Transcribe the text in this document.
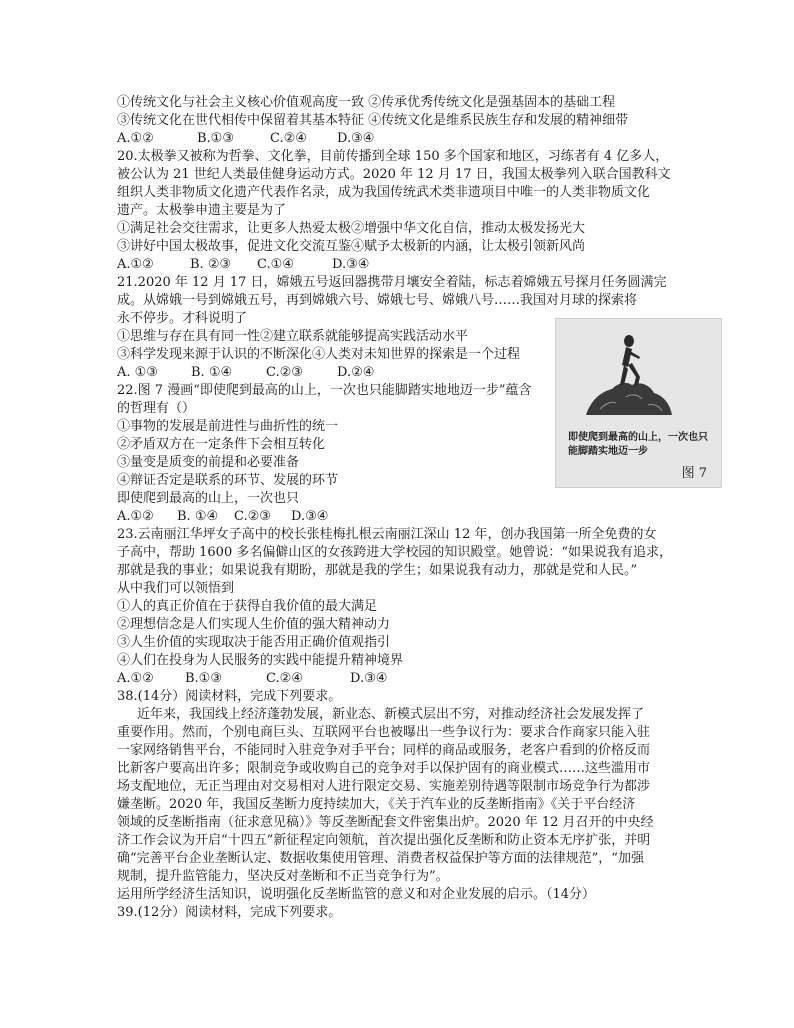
①传统文化与社会主义核心价值观高度一致 ②传承优秀传统文化是强基固本的基础工程
③传统文化在世代相传中保留着其基本特征 ④传统文化是维系民族生存和发展的精神细带
A.①②	B.①③	C.②④ D.③④
20.太极拳又被称为哲拳、文化拳，目前传播到全球 150 多个国家和地区，习练者有 4 亿多人，
被公认为 21 世纪人类最佳健身运动方式。2020 年 12 月 17 日，我国太极拳列入联合国教科文
组织人类非物质文化遗产代表作名录，成为我国传统武术类非遗项目中唯一的人类非物质文化
遗产。太极拳申遗主要是为了
①满足社会交往需求，让更多人热爱太极②增强中华文化自信，推动太极发扬光大
③讲好中国太极故事，促进文化交流互鉴④赋予太极新的内涵，让太极引领新风尚
A.①②	B. ②③ C.①④	D.③④
21.2020 年 12 月 17 日，嫦娥五号返回器携带月壤安全着陆，标志着嫦娥五号探月任务圆满完
成。从嫦娥一号到嫦娥五号，再到嫦娥六号、嫦娥七号、嫦娥八号……我国对月球的探索将
永不停步。才科说明了
①思维与存在具有同一性②建立联系就能够提高实践活动水平
③科学发现来源于认识的不断深化④人类对未知世界的探索是一个过程
A. ①③	B. ①④	C.②③	D.②④
22.图 7 漫画“即使爬到最高的山上，一次也只能脚踏实地地迈一步”蕴含
的哲理有（）
①事物的发展是前进性与曲折性的统一
②矛盾双方在一定条件下会相互转化
③量变是质变的前提和必要准备
④辩证否定是联系的环节、发展的环节
即使爬到最高的山上，一次也只
A.①② B. ①④ C.②③ D.③④
即使爬到最高的山上，一次也只
能脚踏实地迈一步
图 7
23.云南丽江华坪女子高中的校长张桂梅扎根云南丽江深山 12 年，创办我国第一所全免费的女
子高中，帮助 1600 多名偏僻山区的女孩跨进大学校园的知识殿堂。她曾说：“如果说我有追求，
那就是我的事业；如果说我有期盼，那就是我的学生；如果说我有动力，那就是党和人民。”
从中我们可以领悟到
①人的真正价值在于获得自我价值的最大满足
②理想信念是人们实现人生价值的强大精神动力
③人生价值的实现取决于能否用正确价值观指引
④人们在投身为人民服务的实践中能提升精神境界
A.①② B.①③	C.②④	D.③④
38.(14分）阅读材料，完成下列要求。
近年来，我国线上经济蓬勃发展，新业态、新模式层出不穷，对推动经济社会发展发挥了
重要作用。然而，个别电商巨头、互联网平台也被曝出一些争议行为：要求合作商家只能入驻
一家网络销售平台，不能同时入驻竞争对手平台；同样的商品或服务，老客户看到的价格反而
比新客户要高出许多；限制竞争或收购自己的竞争对手以保护固有的商业模式……这些滥用市
场支配地位，无正当理由对交易相对人进行限定交易、实施差别待遇等限制市场竞争行为都涉
嫌垄断。2020 年，我国反垄断力度持续加大，《关于汽车业的反垄断指南》《关于平台经济
领域的反垄断指南（征求意见稿）》等反垄断配套文件密集出炉。2020 年 12 月召开的中央经
济工作会议为开启“十四五”新征程定向领航，首次提出强化反垄断和防止资本无序扩张，并明
确“完善平台企业垄断认定、数据收集使用管理、消费者权益保护等方面的法律规范”，“加强
规制，提升监管能力，坚决反对垄断和不正当竞争行为”。
运用所学经济生活知识，说明强化反垄断监管的意义和对企业发展的启示。（14分）
39.(12分）阅读材料，完成下列要求。
